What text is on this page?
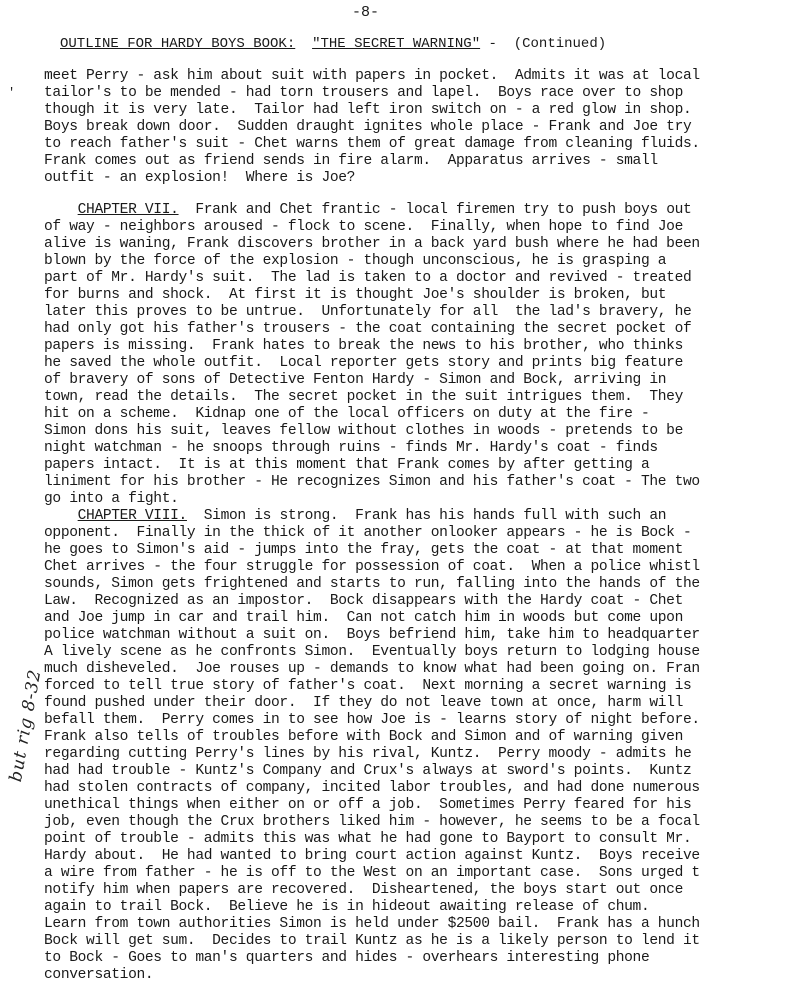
-8-
OUTLINE FOR HARDY BOYS BOOK: "THE SECRET WARNING" - (Continued)
'
meet Perry - ask him about suit with papers in pocket.  Admits it was at local
tailor's to be mended - had torn trousers and lapel.  Boys race over to shop
though it is very late.  Tailor had left iron switch on - a red glow in shop.
Boys break down door.  Sudden draught ignites whole place - Frank and Joe try
to reach father's suit - Chet warns them of great damage from cleaning fluids.
Frank comes out as friend sends in fire alarm.  Apparatus arrives - small
outfit - an explosion!  Where is Joe?
CHAPTER VII.  Frank and Chet frantic - local firemen try to push boys out
of way - neighbors aroused - flock to scene.  Finally, when hope to find Joe
alive is waning, Frank discovers brother in a back yard bush where he had been
blown by the force of the explosion - though unconscious, he is grasping a
part of Mr. Hardy's suit.  The lad is taken to a doctor and revived - treated
for burns and shock.  At first it is thought Joe's shoulder is broken, but
later this proves to be untrue.  Unfortunately for all  the lad's bravery, he
had only got his father's trousers - the coat containing the secret pocket of
papers is missing.  Frank hates to break the news to his brother, who thinks
he saved the whole outfit.  Local reporter gets story and prints big feature
of bravery of sons of Detective Fenton Hardy - Simon and Bock, arriving in
town, read the details.  The secret pocket in the suit intrigues them.  They
hit on a scheme.  Kidnap one of the local officers on duty at the fire -
Simon dons his suit, leaves fellow without clothes in woods - pretends to be
night watchman - he snoops through ruins - finds Mr. Hardy's coat - finds
papers intact.  It is at this moment that Frank comes by after getting a
liniment for his brother - He recognizes Simon and his father's coat - The two
go into a fight.
CHAPTER VIII.  Simon is strong.  Frank has his hands full with such an
opponent.  Finally in the thick of it another onlooker appears - he is Bock -
he goes to Simon's aid - jumps into the fray, gets the coat - at that moment
Chet arrives - the four struggle for possession of coat.  When a police whistl
sounds, Simon gets frightened and starts to run, falling into the hands of the
Law.  Recognized as an impostor.  Bock disappears with the Hardy coat - Chet
and Joe jump in car and trail him.  Can not catch him in woods but come upon
police watchman without a suit on.  Boys befriend him, take him to headquarter
A lively scene as he confronts Simon.  Eventually boys return to lodging house
much disheveled.  Joe rouses up - demands to know what had been going on. Fran
forced to tell true story of father's coat.  Next morning a secret warning is
found pushed under their door.  If they do not leave town at once, harm will
befall them.  Perry comes in to see how Joe is - learns story of night before.
Frank also tells of troubles before with Bock and Simon and of warning given
regarding cutting Perry's lines by his rival, Kuntz.  Perry moody - admits he
had had trouble - Kuntz's Company and Crux's always at sword's points.  Kuntz
had stolen contracts of company, incited labor troubles, and had done numerous
unethical things when either on or off a job.  Sometimes Perry feared for his
job, even though the Crux brothers liked him - however, he seems to be a focal
point of trouble - admits this was what he had gone to Bayport to consult Mr.
Hardy about.  He had wanted to bring court action against Kuntz.  Boys receive
a wire from father - he is off to the West on an important case.  Sons urged t
notify him when papers are recovered.  Disheartened, the boys start out once
again to trail Bock.  Believe he is in hideout awaiting release of chum.
Learn from town authorities Simon is held under $2500 bail.  Frank has a hunch
Bock will get sum.  Decides to trail Kuntz as he is a likely person to lend it
to Bock - Goes to man's quarters and hides - overhears interesting phone
conversation.
but rig 8-32
